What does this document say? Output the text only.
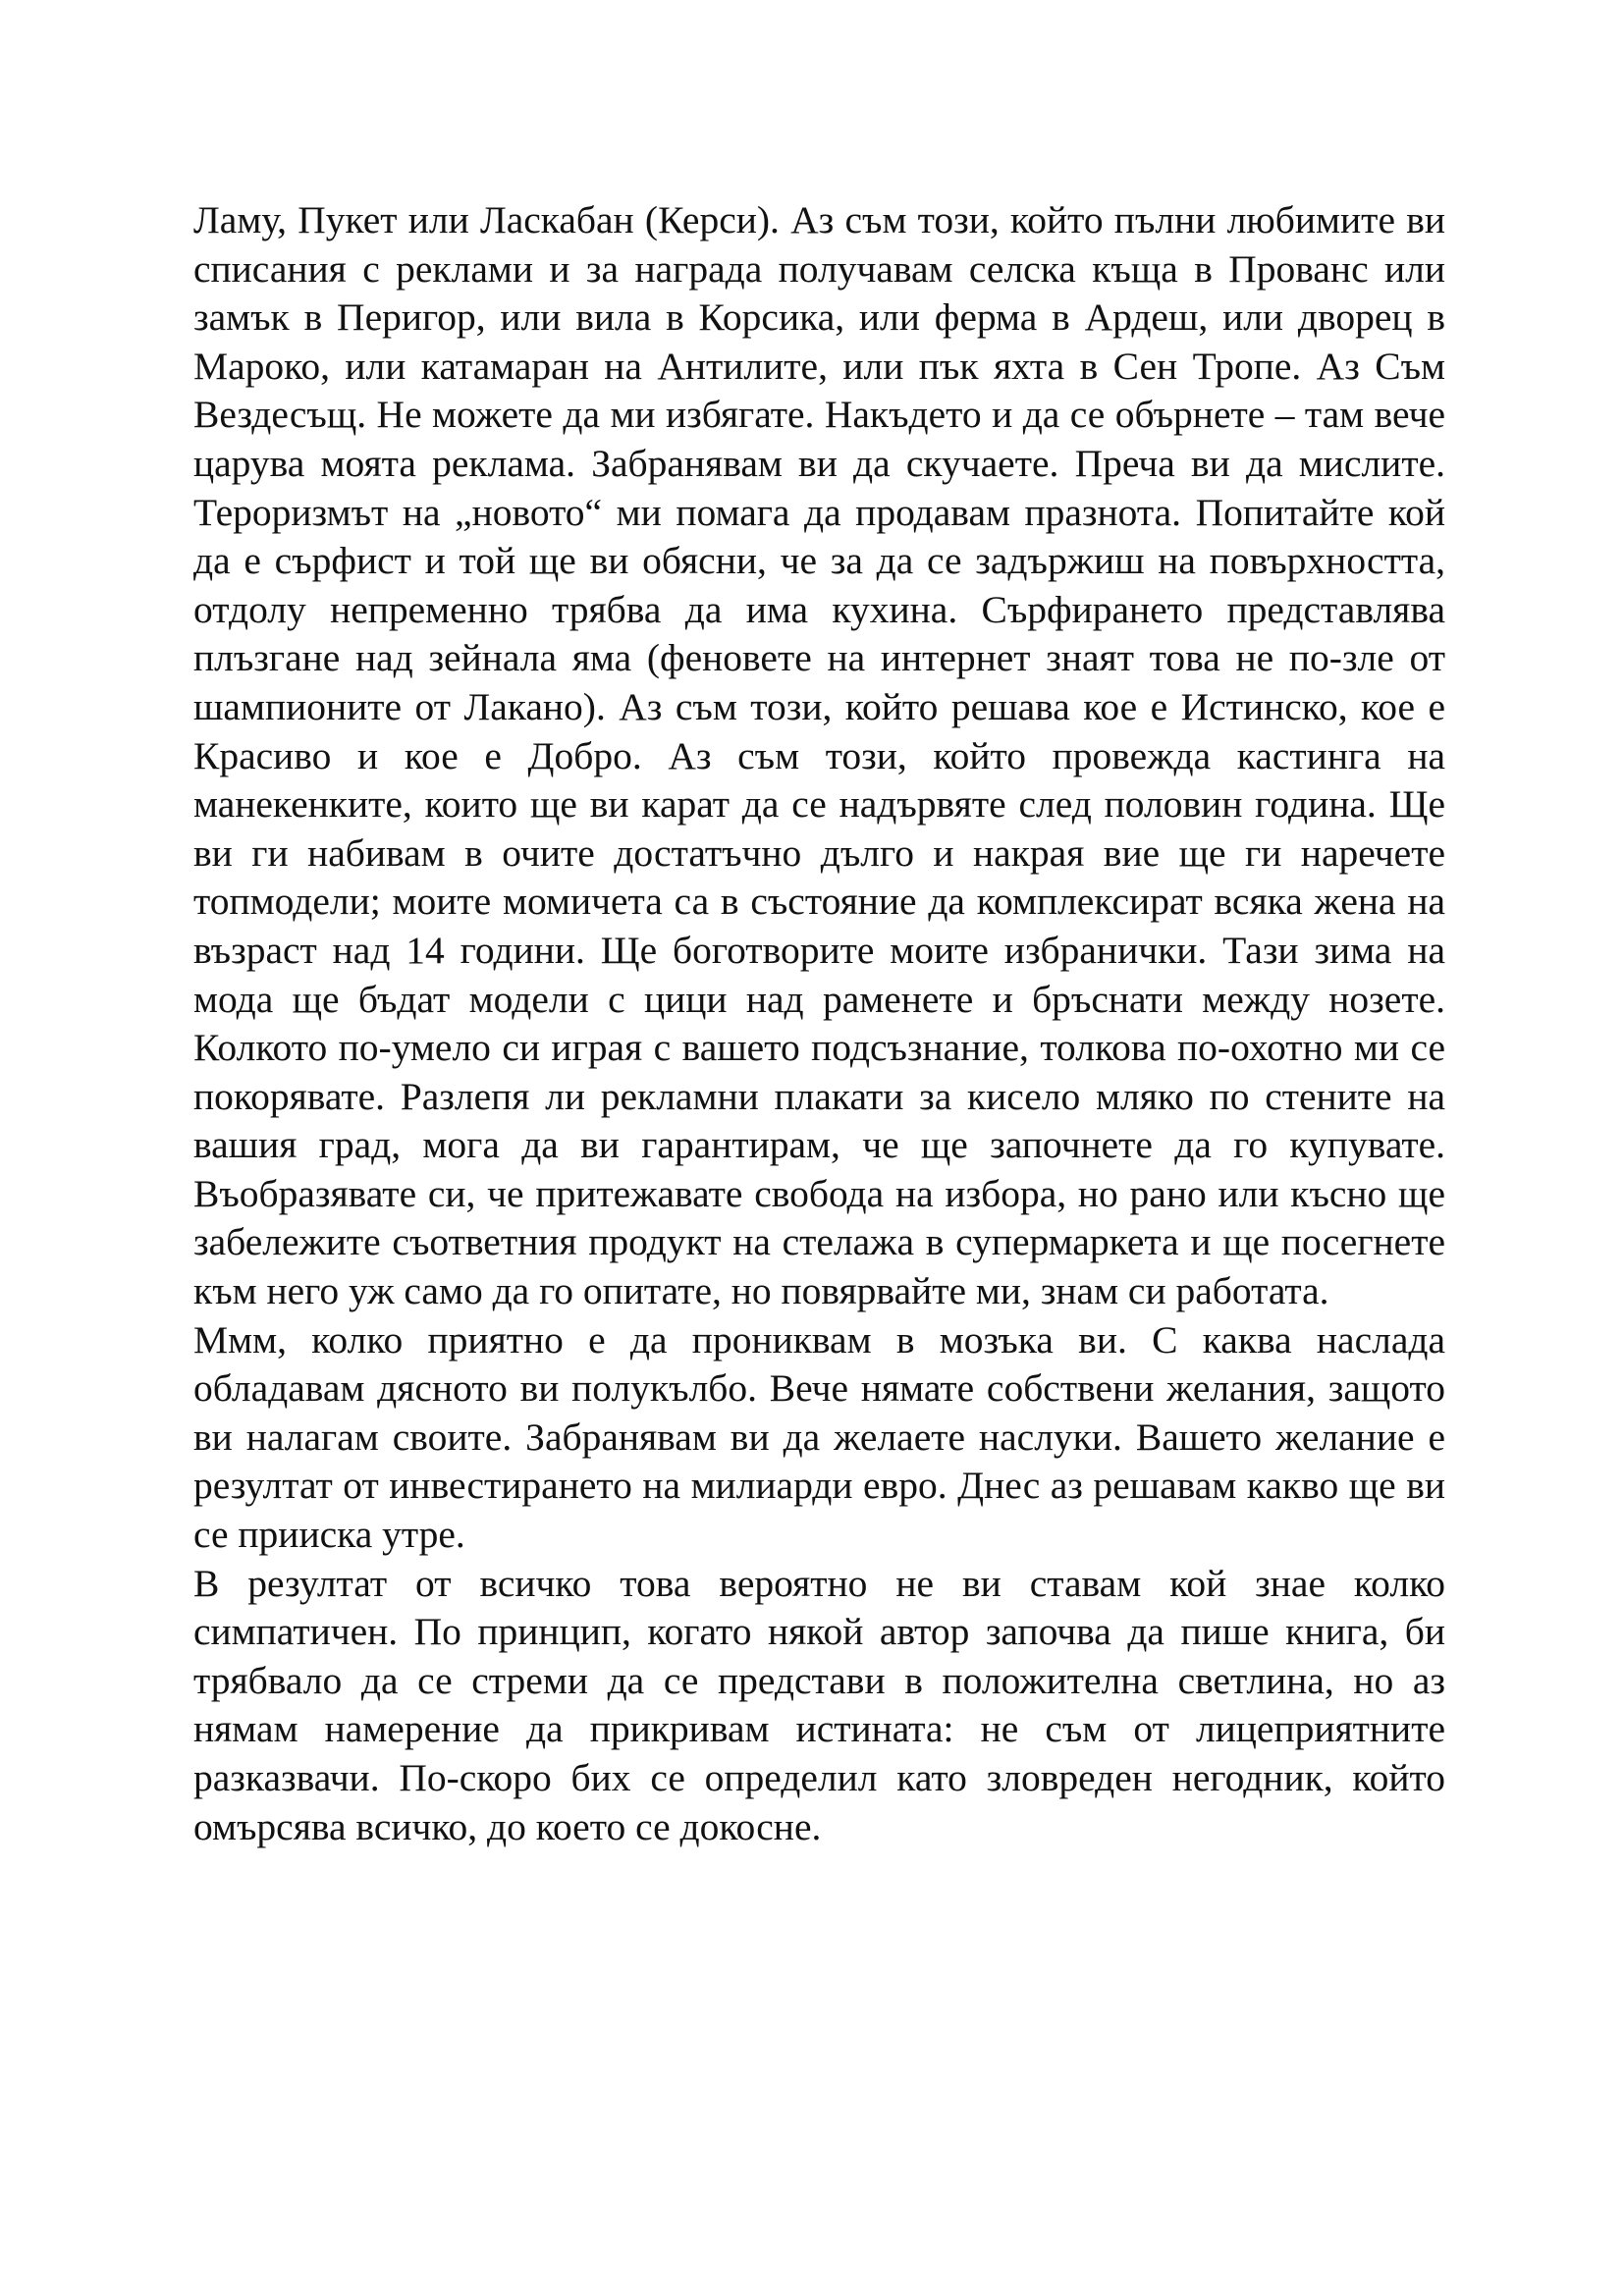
Ламу, Пукет или Ласкабан (Керси). Аз съм този, който пълни любимите ви списания с реклами и за награда получавам селска къща в Прованс или замък в Перигор, или вила в Корсика, или ферма в Ардеш, или дворец в Мароко, или катамаран на Антилите, или пък яхта в Сен Тропе. Аз Съм Вездесъщ. Не можете да ми избягате. Накъдето и да се обърнете – там вече царува моята реклама. Забранявам ви да скучаете. Преча ви да мислите. Тероризмът на „новото“ ми помага да продавам празнота. Попитайте кой да е сърфист и той ще ви обясни, че за да се задържиш на повърхността, отдолу непременно трябва да има кухина. Сърфирането представлява плъзгане над зейнала яма (феновете на интернет знаят това не по-зле от шампионите от Лакано). Аз съм този, който решава кое е Истинско, кое е Красиво и кое е Добро. Аз съм този, който провежда кастинга на манекенките, които ще ви карат да се надървяте след половин година. Ще ви ги набивам в очите достатъчно дълго и накрая вие ще ги наречете топмодели; моите момичета са в състояние да комплексират всяка жена на възраст над 14 години. Ще боготворите моите избранички. Тази зима на мода ще бъдат модели с цици над раменете и бръснати между нозете. Колкото по-умело си играя с вашето подсъзнание, толкова по-охотно ми се покорявате. Разлепя ли рекламни плакати за кисело мляко по стените на вашия град, мога да ви гарантирам, че ще започнете да го купувате. Въобразявате си, че притежавате свобода на избора, но рано или късно ще забележите съответния продукт на стелажа в супермаркета и ще посегнете към него уж само да го опитате, но повярвайте ми, знам си работата.

Ммм, колко приятно е да прониквам в мозъка ви. С каква наслада обладавам дясното ви полукълбо. Вече нямате собствени желания, защото ви налагам своите. Забранявам ви да желаете наслуки. Вашето желание е резултат от инвестирането на милиарди евро. Днес аз решавам какво ще ви се прииска утре.

В резултат от всичко това вероятно не ви ставам кой знае колко симпатичен. По принцип, когато някой автор започва да пише книга, би трябвало да се стреми да се представи в положителна светлина, но аз нямам намерение да прикривам истината: не съм от лицеприятните разказвачи. По-скоро бих се определил като зловреден негодник, който омърсява всичко, до което се докосне.
